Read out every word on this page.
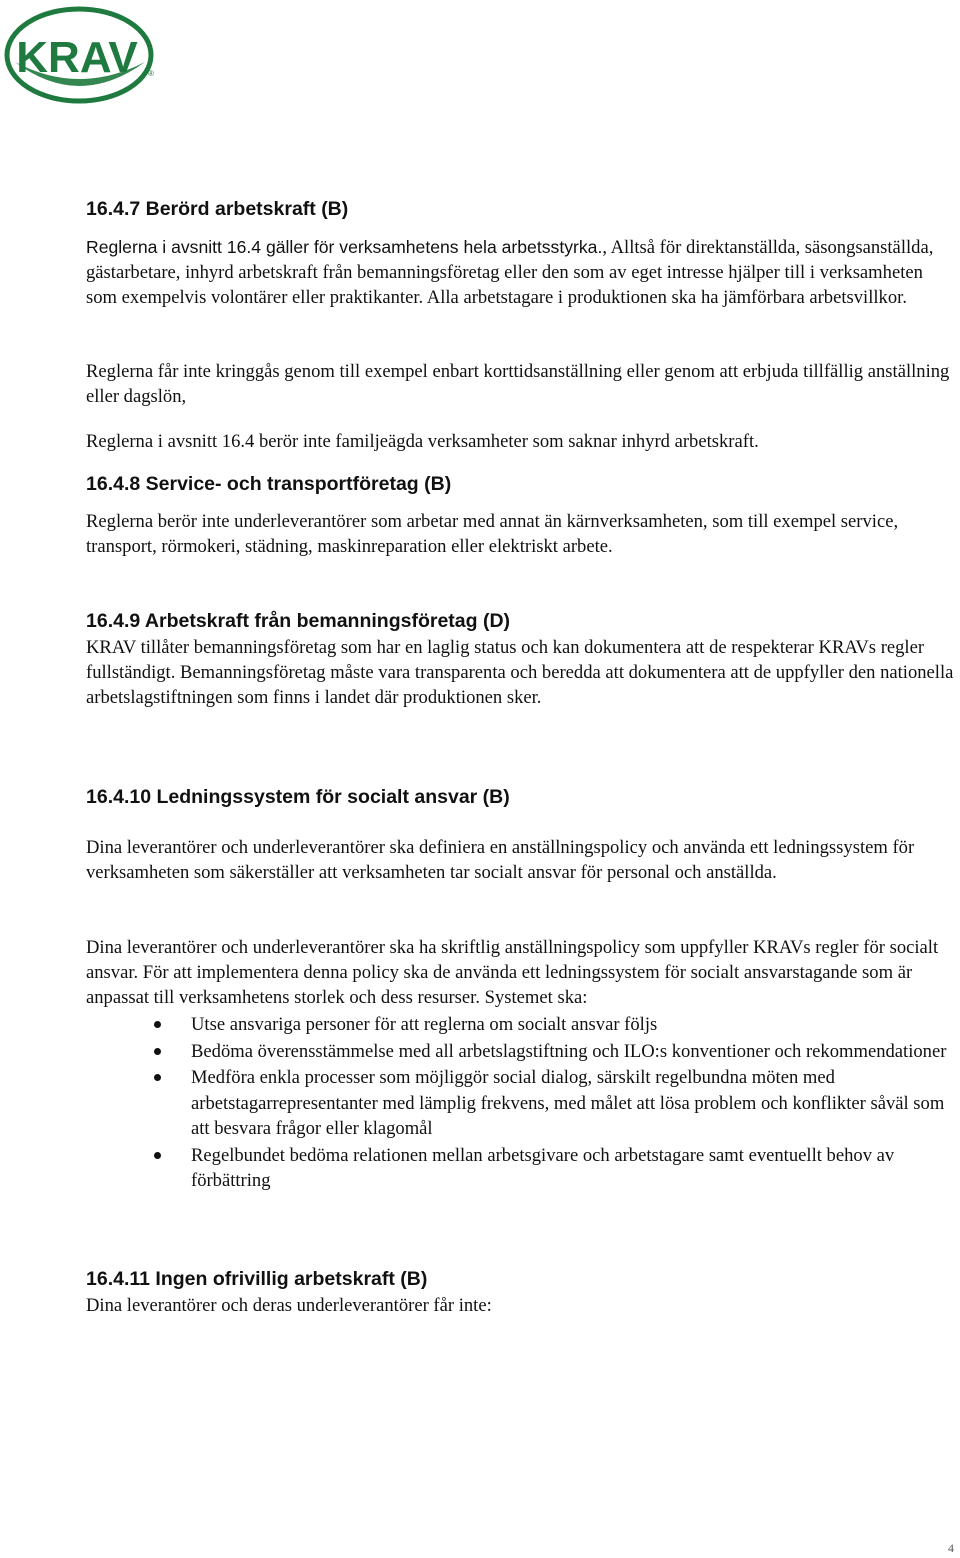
KRAV ®
16.4.7 Berörd arbetskraft (B)

Reglerna i avsnitt 16.4 gäller för verksamhetens hela arbetsstyrka., Alltså för direktanställda, säsongsanställda, gästarbetare, inhyrd arbetskraft från bemanningsföretag eller den som av eget intresse hjälper till i verksamheten som exempelvis volontärer eller praktikanter. Alla arbetstagare i produktionen ska ha jämförbara arbetsvillkor.

Reglerna får inte kringgås genom till exempel enbart korttidsanställning eller genom att erbjuda tillfällig anställning eller dagslön,

Reglerna i avsnitt 16.4 berör inte familjeägda verksamheter som saknar inhyrd arbetskraft.

16.4.8 Service- och transportföretag (B)

Reglerna berör inte underleverantörer som arbetar med annat än kärnverksamheten, som till exempel service, transport, rörmokeri, städning, maskinreparation eller elektriskt arbete.

16.4.9 Arbetskraft från bemanningsföretag (D)

KRAV tillåter bemanningsföretag som har en laglig status och kan dokumentera att de respekterar KRAVs regler fullständigt. Bemanningsföretag måste vara transparenta och beredda att dokumentera att de uppfyller den nationella arbetslagstiftningen som finns i landet där produktionen sker.

16.4.10 Ledningssystem för socialt ansvar (B)

Dina leverantörer och underleverantörer ska definiera en anställningspolicy och använda ett ledningssystem för verksamheten som säkerställer att verksamheten tar socialt ansvar för personal och anställda.

Dina leverantörer och underleverantörer ska ha skriftlig anställningspolicy som uppfyller KRAVs regler för socialt ansvar. För att implementera denna policy ska de använda ett ledningssystem för socialt ansvarstagande som är anpassat till verksamhetens storlek och dess resurser. Systemet ska:

Utse ansvariga personer för att reglerna om socialt ansvar följs
Bedöma överensstämmelse med all arbetslagstiftning och ILO:s konventioner och rekommendationer
Medföra enkla processer som möjliggör social dialog, särskilt regelbundna möten med arbetstagarrepresentanter med lämplig frekvens, med målet att lösa problem och konflikter såväl som att besvara frågor eller klagomål
Regelbundet bedöma relationen mellan arbetsgivare och arbetstagare samt eventuellt behov av förbättring
16.4.11 Ingen ofrivillig arbetskraft (B)

Dina leverantörer och deras underleverantörer får inte:

4
